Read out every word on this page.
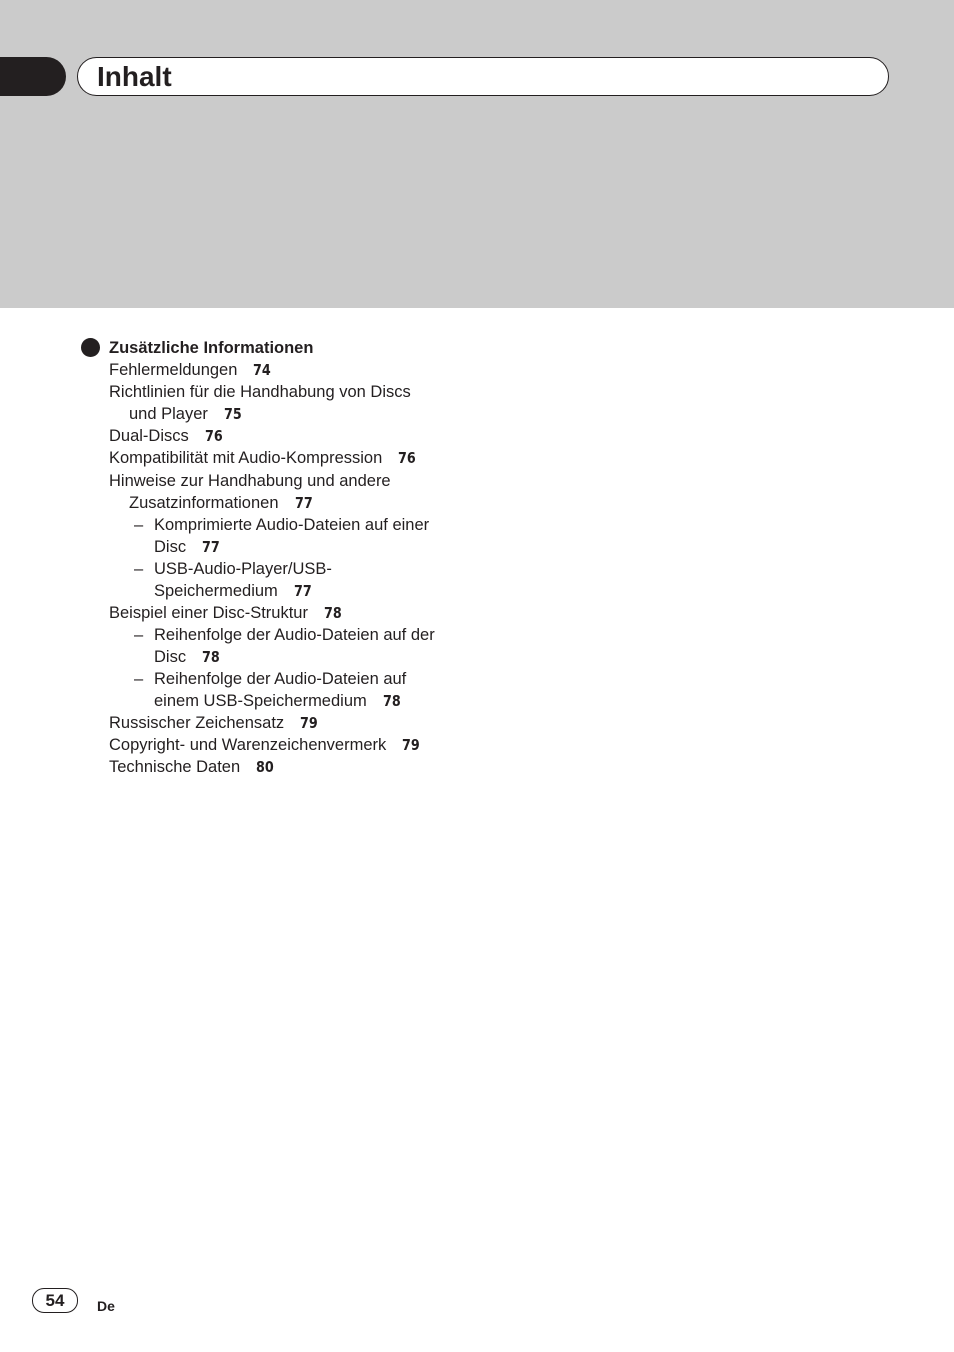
Inhalt
Zusätzliche Informationen
Fehlermeldungen 74
Richtlinien für die Handhabung von Discs
und Player 75
Dual-Discs 76
Kompatibilität mit Audio-Kompression 76
Hinweise zur Handhabung und andere
Zusatzinformationen 77
– Komprimierte Audio-Dateien auf einer
Disc 77
– USB-Audio-Player/USB-
Speichermedium 77
Beispiel einer Disc-Struktur 78
– Reihenfolge der Audio-Dateien auf der
Disc 78
– Reihenfolge der Audio-Dateien auf
einem USB-Speichermedium 78
Russischer Zeichensatz 79
Copyright- und Warenzeichenvermerk 79
Technische Daten 80
54	De
